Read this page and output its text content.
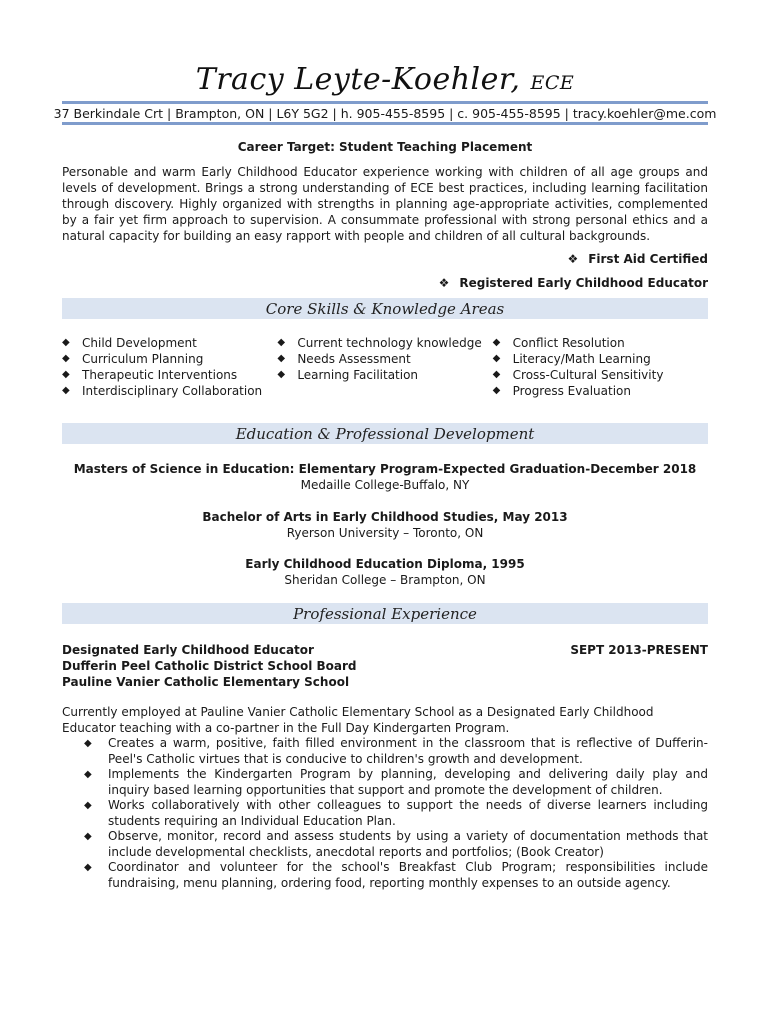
Tracy Leyte-Koehler, ECE
37 Berkindale Crt | Brampton, ON | L6Y 5G2 | h. 905-455-8595 | c. 905-455-8595 | tracy.koehler@me.com
Career Target: Student Teaching Placement

Personable and warm Early Childhood Educator experience working with children of all age groups and levels of development. Brings a strong understanding of ECE best practices, including learning facilitation through discovery. Highly organized with strengths in planning age-appropriate activities, complemented by a fair yet firm approach to supervision. A consummate professional with strong personal ethics and a natural capacity for building an easy rapport with people and children of all cultural backgrounds.

❖ First Aid Certified
❖ Registered Early Childhood Educator
Core Skills & Knowledge Areas
◆ Child Development
◆ Curriculum Planning
◆ Therapeutic Interventions
◆ Interdisciplinary Collaboration
◆ Current technology knowledge
◆ Needs Assessment
◆ Learning Facilitation
◆ Conflict Resolution
◆ Literacy/Math Learning
◆ Cross-Cultural Sensitivity
◆ Progress Evaluation
Education & Professional Development
Masters of Science in Education: Elementary Program-Expected Graduation-December 2018
Medaille College-Buffalo, NY
Bachelor of Arts in Early Childhood Studies, May 2013
Ryerson University – Toronto, ON
Early Childhood Education Diploma, 1995
Sheridan College – Brampton, ON
Professional Experience
Designated Early Childhood Educator
Dufferin Peel Catholic District School Board
Pauline Vanier Catholic Elementary School
SEPT 2013-PRESENT

Currently employed at Pauline Vanier Catholic Elementary School as a Designated Early Childhood Educator teaching with a co-partner in the Full Day Kindergarten Program.

◆ Creates a warm, positive, faith filled environment in the classroom that is reflective of Dufferin-Peel's Catholic virtues that is conducive to children's growth and development.
◆ Implements the Kindergarten Program by planning, developing and delivering daily play and inquiry based learning opportunities that support and promote the development of children.
◆ Works collaboratively with other colleagues to support the needs of diverse learners including students requiring an Individual Education Plan.
◆ Observe, monitor, record and assess students by using a variety of documentation methods that include developmental checklists, anecdotal reports and portfolios; (Book Creator)
◆ Coordinator and volunteer for the school's Breakfast Club Program; responsibilities include fundraising, menu planning, ordering food, reporting monthly expenses to an outside agency.
